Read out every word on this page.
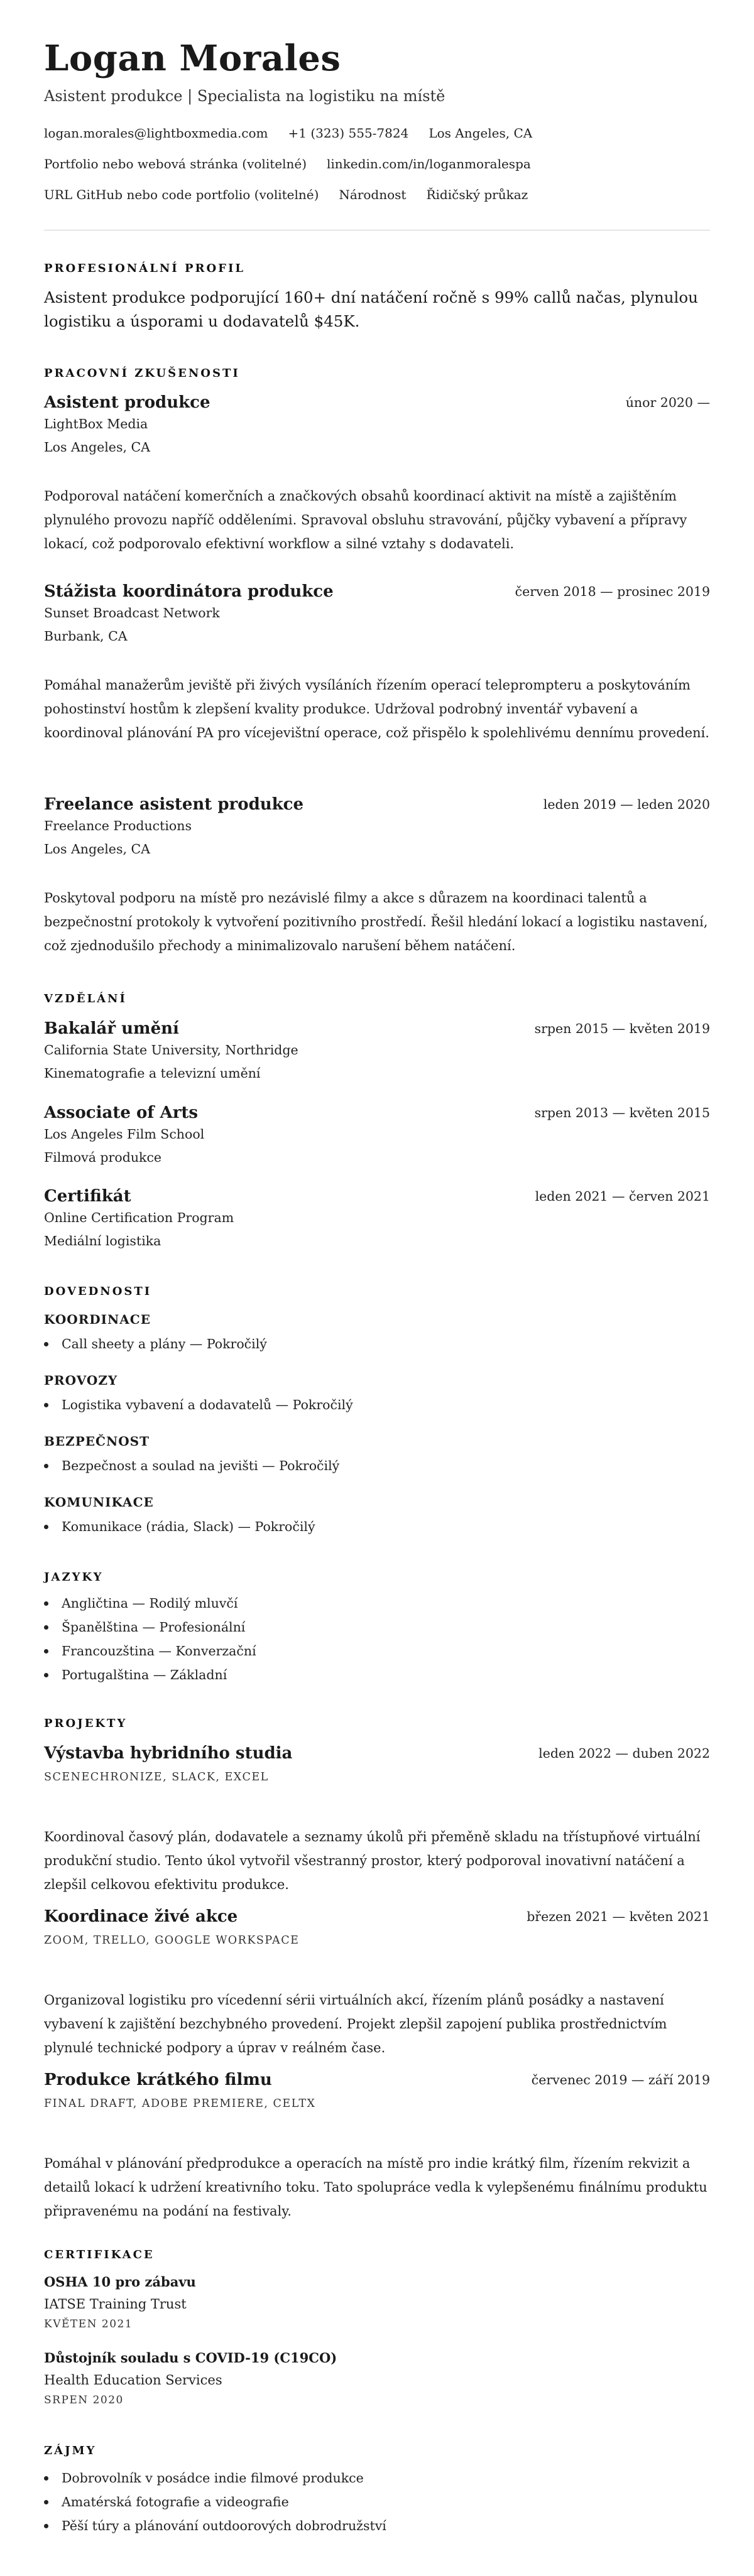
Logan Morales
Asistent produkce | Specialista na logistiku na místě
logan.morales@lightboxmedia.com +1 (323) 555-7824 Los Angeles, CA
Portfolio nebo webová stránka (volitelné) linkedin.com/in/loganmoralespa
URL GitHub nebo code portfolio (volitelné) Národnost Řidičský průkaz
PROFESIONÁLNÍ PROFIL
Asistent produkce podporující 160+ dní natáčení ročně s 99% callů načas, plynulou logistiku a úsporami u dodavatelů $45K.
PRACOVNÍ ZKUŠENOSTI
Asistent produkce	únor 2020 —
LightBox Media
Los Angeles, CA
Podporoval natáčení komerčních a značkových obsahů koordinací aktivit na místě a zajištěním plynulého provozu napříč odděleními. Spravoval obsluhu stravování, půjčky vybavení a přípravy lokací, což podporovalo efektivní workflow a silné vztahy s dodavateli.
Stážista koordinátora produkce	červen 2018 — prosinec 2019
Sunset Broadcast Network
Burbank, CA
Pomáhal manažerům jeviště při živých vysíláních řízením operací teleprompteru a poskytováním pohostinství hostům k zlepšení kvality produkce. Udržoval podrobný inventář vybavení a koordinoval plánování PA pro vícejevištní operace, což přispělo k spolehlivému dennímu provedení.
Freelance asistent produkce	leden 2019 — leden 2020
Freelance Productions
Los Angeles, CA
Poskytoval podporu na místě pro nezávislé filmy a akce s důrazem na koordinaci talentů a bezpečnostní protokoly k vytvoření pozitivního prostředí. Řešil hledání lokací a logistiku nastavení, což zjednodušilo přechody a minimalizovalo narušení během natáčení.
VZDĚLÁNÍ
Bakalář umění	srpen 2015 — květen 2019
California State University, Northridge
Kinematografie a televizní umění
Associate of Arts	srpen 2013 — květen 2015
Los Angeles Film School
Filmová produkce
Certifikát	leden 2021 — červen 2021
Online Certification Program
Mediální logistika
DOVEDNOSTI
KOORDINACE
Call sheety a plány — Pokročilý
PROVOZY
Logistika vybavení a dodavatelů — Pokročilý
BEZPEČNOST
Bezpečnost a soulad na jevišti — Pokročilý
KOMUNIKACE
Komunikace (rádia, Slack) — Pokročilý
JAZYKY
Angličtina — Rodilý mluvčí
Španělština — Profesionální
Francouzština — Konverzační
Portugalština — Základní
PROJEKTY
Výstavba hybridního studia	leden 2022 — duben 2022
SCENECHRONIZE, SLACK, EXCEL
Koordinoval časový plán, dodavatele a seznamy úkolů při přeměně skladu na třístupňové virtuální produkční studio. Tento úkol vytvořil všestranný prostor, který podporoval inovativní natáčení a zlepšil celkovou efektivitu produkce.
Koordinace živé akce	březen 2021 — květen 2021
ZOOM, TRELLO, GOOGLE WORKSPACE
Organizoval logistiku pro vícedenní sérii virtuálních akcí, řízením plánů posádky a nastavení vybavení k zajištění bezchybného provedení. Projekt zlepšil zapojení publika prostřednictvím plynulé technické podpory a úprav v reálném čase.
Produkce krátkého filmu	červenec 2019 — září 2019
FINAL DRAFT, ADOBE PREMIERE, CELTX
Pomáhal v plánování předprodukce a operacích na místě pro indie krátký film, řízením rekvizit a detailů lokací k udržení kreativního toku. Tato spolupráce vedla k vylepšenému finálnímu produktu připravenému na podání na festivaly.
CERTIFIKACE
OSHA 10 pro zábavu
IATSE Training Trust
KVĚTEN 2021
Důstojník souladu s COVID-19 (C19CO)
Health Education Services
SRPEN 2020
ZÁJMY
Dobrovolník v posádce indie filmové produkce
Amatérská fotografie a videografie
Pěší túry a plánování outdoorových dobrodružství
